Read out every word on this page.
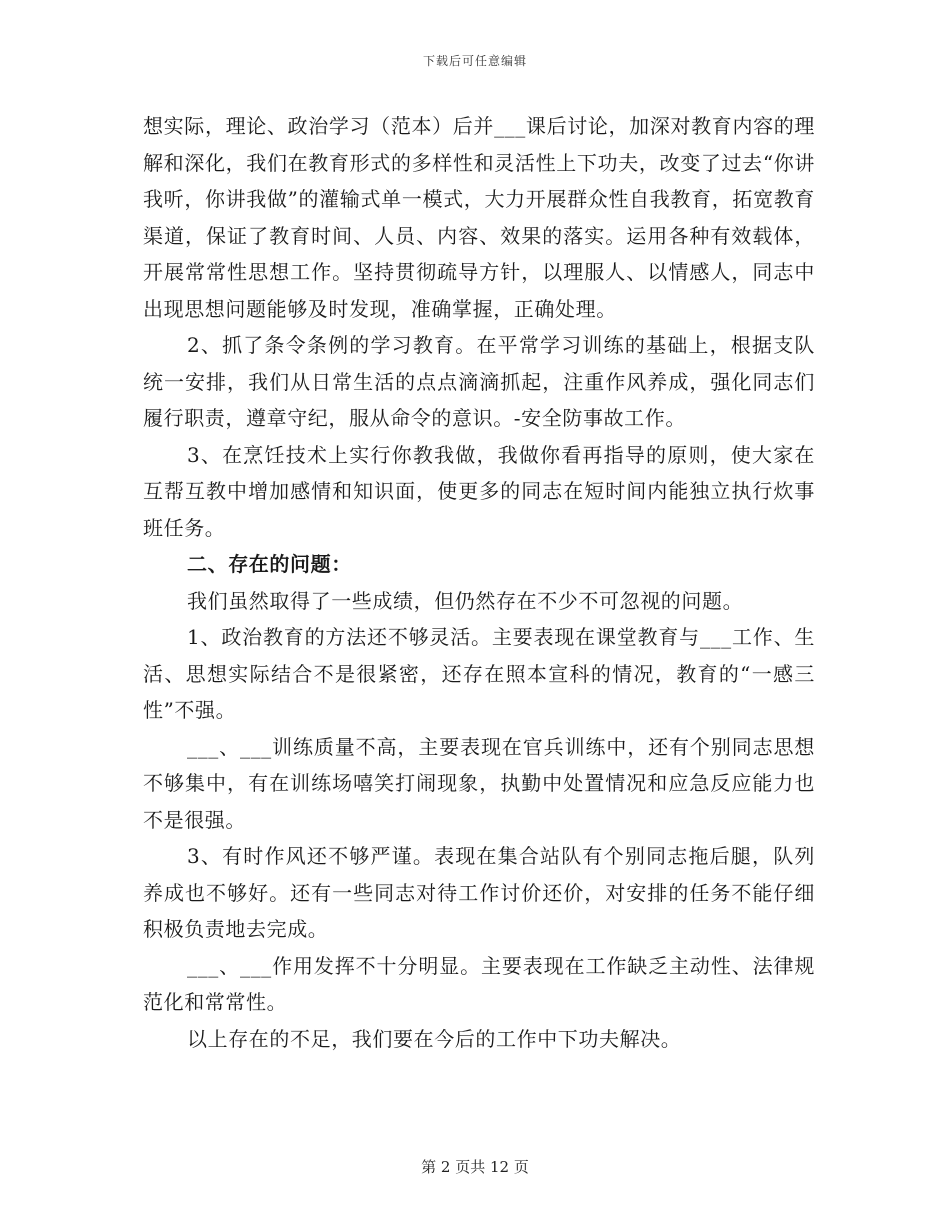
下载后可任意编辑

想实际，理论、政治学习（范本）后并___课后讨论，加深对教育内容的理解和深化，我们在教育形式的多样性和灵活性上下功夫，改变了过去“你讲我听，你讲我做”的灌输式单一模式，大力开展群众性自我教育，拓宽教育渠道，保证了教育时间、人员、内容、效果的落实。运用各种有效载体，开展常常性思想工作。坚持贯彻疏导方针，以理服人、以情感人，同志中出现思想问题能够及时发现，准确掌握，正确处理。

2、抓了条令条例的学习教育。在平常学习训练的基础上，根据支队统一安排，我们从日常生活的点点滴滴抓起，注重作风养成，强化同志们履行职责，遵章守纪，服从命令的意识。-安全防事故工作。

3、在烹饪技术上实行你教我做，我做你看再指导的原则，使大家在互帮互教中增加感情和知识面，使更多的同志在短时间内能独立执行炊事班任务。

二、存在的问题：

我们虽然取得了一些成绩，但仍然存在不少不可忽视的问题。

1、政治教育的方法还不够灵活。主要表现在课堂教育与___工作、生活、思想实际结合不是很紧密，还存在照本宣科的情况，教育的“一感三性”不强。

___、___训练质量不高，主要表现在官兵训练中，还有个别同志思想不够集中，有在训练场嘻笑打闹现象，执勤中处置情况和应急反应能力也不是很强。

3、有时作风还不够严谨。表现在集合站队有个别同志拖后腿，队列养成也不够好。还有一些同志对待工作讨价还价，对安排的任务不能仔细积极负责地去完成。

___、___作用发挥不十分明显。主要表现在工作缺乏主动性、法律规范化和常常性。

以上存在的不足，我们要在今后的工作中下功夫解决。

第 2 页共 12 页
